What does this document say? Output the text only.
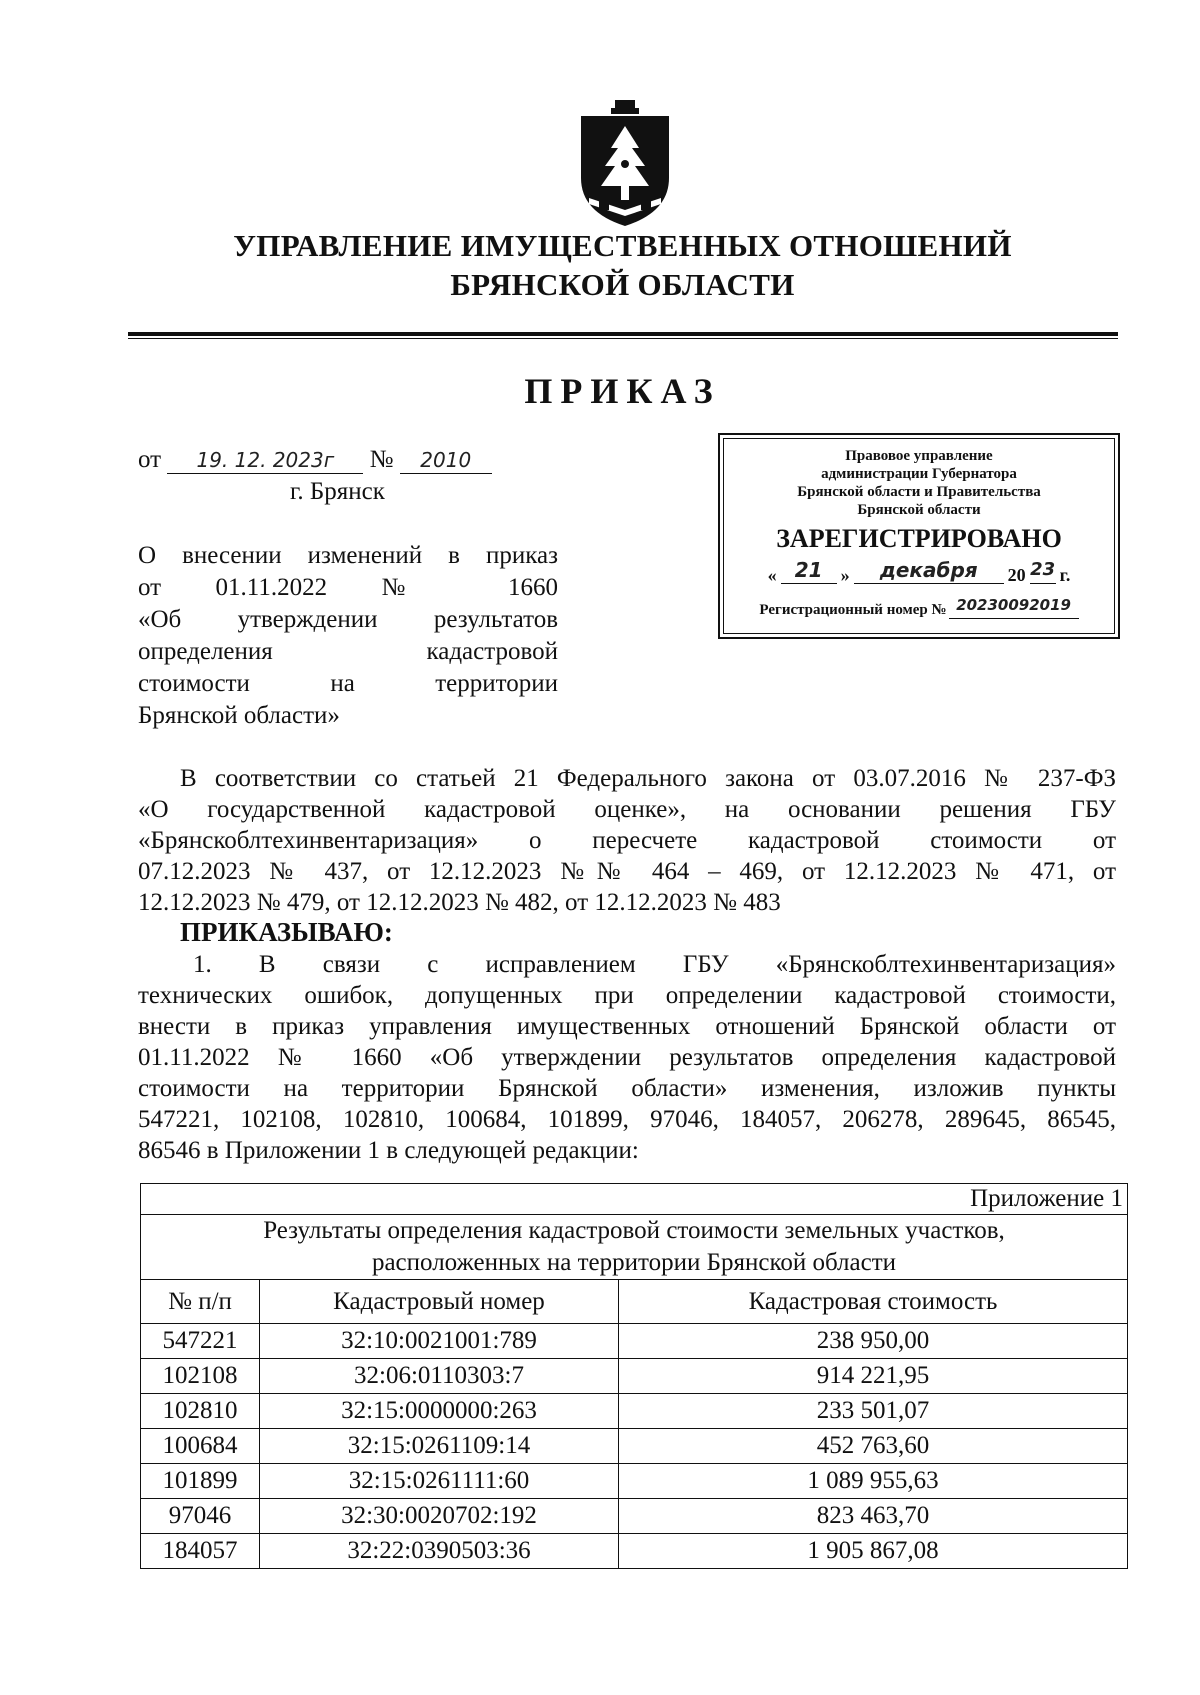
УПРАВЛЕНИЕ ИМУЩЕСТВЕННЫХ ОТНОШЕНИЙ
БРЯНСКОЙ ОБЛАСТИ
ПРИКАЗ
от 19. 12. 2023г № 2010
г. Брянск
О внесении изменений в приказ
от 01.11.2022 № 1660
«Об утверждении результатов
определения кадастровой
стоимости на территории
Брянской области»
Правовое управление
администрации Губернатора
Брянской области и Правительства
Брянской области
ЗАРЕГИСТРИРОВАНО
« 21	»	декабря	20 23 г.
Регистрационный номер № 20230092019
В соответствии со статьей 21 Федерального закона от 03.07.2016 № 237-ФЗ
«О государственной кадастровой оценке», на основании решения ГБУ
«Брянскоблтехинвентаризация» о пересчете кадастровой стоимости от
07.12.2023 № 437, от 12.12.2023 №№ 464 – 469, от 12.12.2023 № 471, от
12.12.2023 № 479, от 12.12.2023 № 482, от 12.12.2023 № 483
ПРИКАЗЫВАЮ:
1. В связи с исправлением ГБУ «Брянскоблтехинвентаризация»
технических ошибок, допущенных при определении кадастровой стоимости,
внести в приказ управления имущественных отношений Брянской области от
01.11.2022 № 1660 «Об утверждении результатов определения кадастровой
стоимости на территории Брянской области» изменения, изложив пункты
547221, 102108, 102810, 100684, 101899, 97046, 184057, 206278, 289645, 86545,
86546 в Приложении 1 в следующей редакции:
Приложение 1		

Результаты определения кадастровой стоимости земельных участков,
расположенных на территории Брянской области		

№ п/п	Кадастровый номер	Кадастровая стоимость
547221	32:10:0021001:789	238 950,00
102108	32:06:0110303:7	914 221,95
102810	32:15:0000000:263	233 501,07
100684	32:15:0261109:14	452 763,60
101899	32:15:0261111:60	1 089 955,63
97046	32:30:0020702:192	823 463,70
184057	32:22:0390503:36	1 905 867,08
